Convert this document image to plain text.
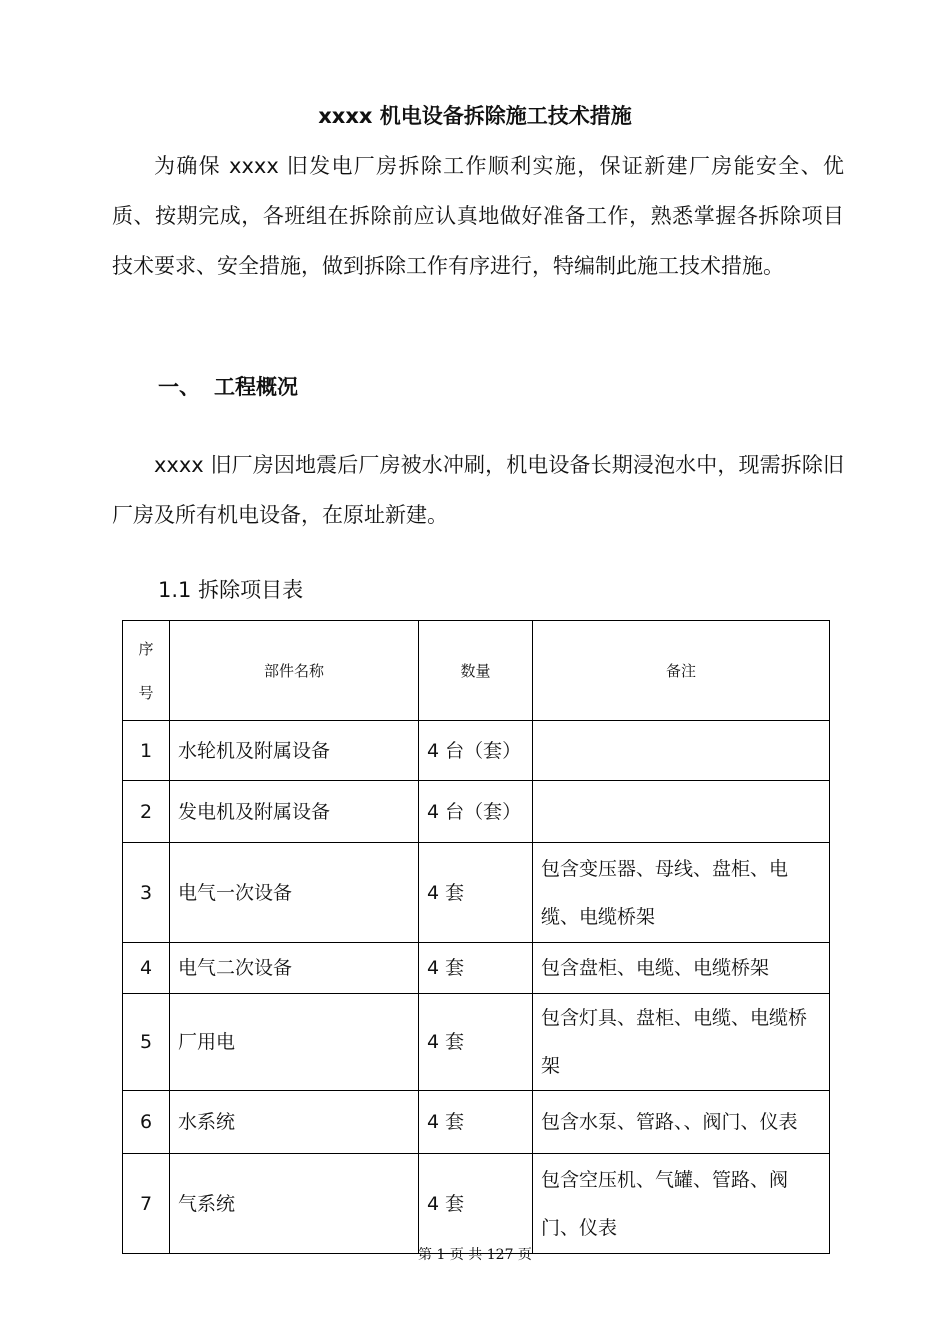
xxxx 机电设备拆除施工技术措施

为确保 xxxx 旧发电厂房拆除工作顺利实施，保证新建厂房能安全、优质、按期完成，各班组在拆除前应认真地做好准备工作，熟悉掌握各拆除项目技术要求、安全措施，做到拆除工作有序进行，特编制此施工技术措施。

一、 工程概况

xxxx 旧厂房因地震后厂房被水冲刷，机电设备长期浸泡水中，现需拆除旧厂房及所有机电设备，在原址新建。

1.1 拆除项目表
序号	部件名称	数量	备注
1	水轮机及附属设备	4 台（套）	
2	发电机及附属设备	4 台（套）	
3	电气一次设备	4 套	包含变压器、母线、盘柜、电缆、电缆桥架
4	电气二次设备	4 套	包含盘柜、电缆、电缆桥架
5	厂用电	4 套	包含灯具、盘柜、电缆、电缆桥架
6	水系统	4 套	包含水泵、管路、、阀门、仪表
7	气系统	4 套	包含空压机、气罐、管路、阀门、仪表
第 1 页 共 127 页
